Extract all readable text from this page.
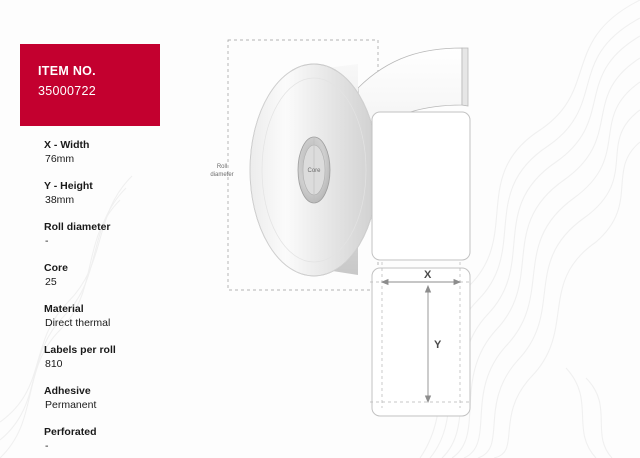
ITEM NO.
35000722
X - Width
76mm
Y - Height
38mm
Roll diameter
-
Core
25
Material
Direct thermal
Labels per roll
810
Adhesive
Permanent
Perforated
-
Roll
diameter
Core
X
Y
